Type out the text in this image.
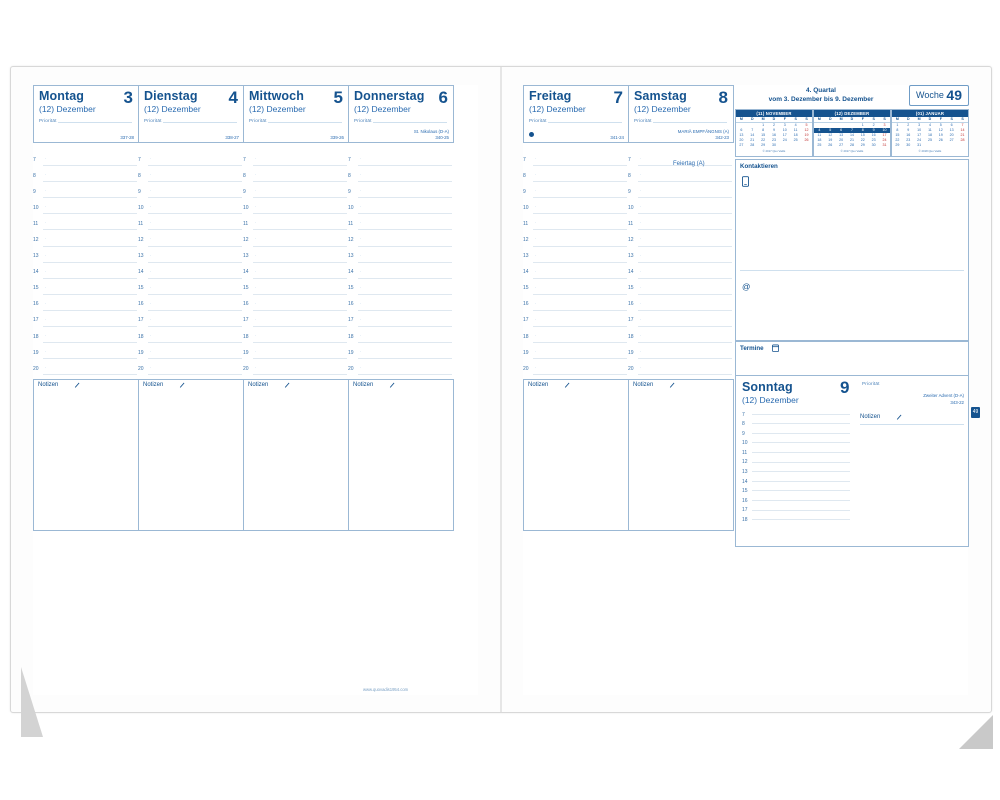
Montag
(12) Dezember
3
Priorität
337-28
Dienstag
(12) Dezember
4
Priorität
338-27
Mittwoch
(12) Dezember
5
Priorität
339-26
Donnerstag
(12) Dezember
6
Priorität
St. Nikolaus (D-A)
340-25
7 ·
8 ·
9 ·
10 ·
11 ·
12 ·
13 ·
14 ·
15 ·
16 ·
17 ·
18 ·
19 ·
20 ·
7 ·
8 ·
9 ·
10 ·
11 ·
12 ·
13 ·
14 ·
15 ·
16 ·
17 ·
18 ·
19 ·
20 ·
7 ·
8 ·
9 ·
10 ·
11 ·
12 ·
13 ·
14 ·
15 ·
16 ·
17 ·
18 ·
19 ·
20 ·
7 ·
8 ·
9 ·
10 ·
11 ·
12 ·
13 ·
14 ·
15 ·
16 ·
17 ·
18 ·
19 ·
20 ·
Notizen	Notizen	Notizen	Notizen
www.quovadis1954.com
Freitag
(12) Dezember
7
Priorität
341-24
Samstag
(12) Dezember
8
Priorität
MARIÄ EMPFÄNGNIS (A)
342-23
4. Quartal
vom 3. Dezember bis 9. Dezember	Woche 49
(11) NOVEMBER
M	D	M	D	F	S	S
		1	2	3	4	5
6	7	8	9	10	11	12
13	14	15	16	17	18	19
20	21	22	23	24	25	26
27	28	29	30			
© 2017 Quo Vadis
(12) DEZEMBER
M	D	M	D	F	S	S
				1	2	3
4	5	6	7	8	9	10
11	12	13	14	15	16	17
18	19	20	21	22	23	24
25	26	27	28	29	30	31
© 2017 Quo Vadis
(01) JANUAR
M	D	M	D	F	S	S
1	2	3	4	5	6	7
8	9	10	11	12	13	14
15	16	17	18	19	20	21
22	23	24	25	26	27	28
29	30	31				
© 2018 Quo Vadis
7 ·
8 ·
9 ·
10 ·
11 ·
12 ·
13 ·
14 ·
15 ·
16 ·
17 ·
18 ·
19 ·
20 ·
7 ·
8 ·
9 ·
10 ·
11 ·
12 ·
13 ·
14 ·
15 ·
16 ·
17 ·
18 ·
19 ·
20 ·
Feiertag (A)	Kontaktieren
@
Termine
Notizen	Notizen	Sonntag
(12) Dezember
9	Priorität
Zweiter Advent (D-A)
343-22
7
8
9
10
11
12
13
14
15
16
17
18
Notizen
49
